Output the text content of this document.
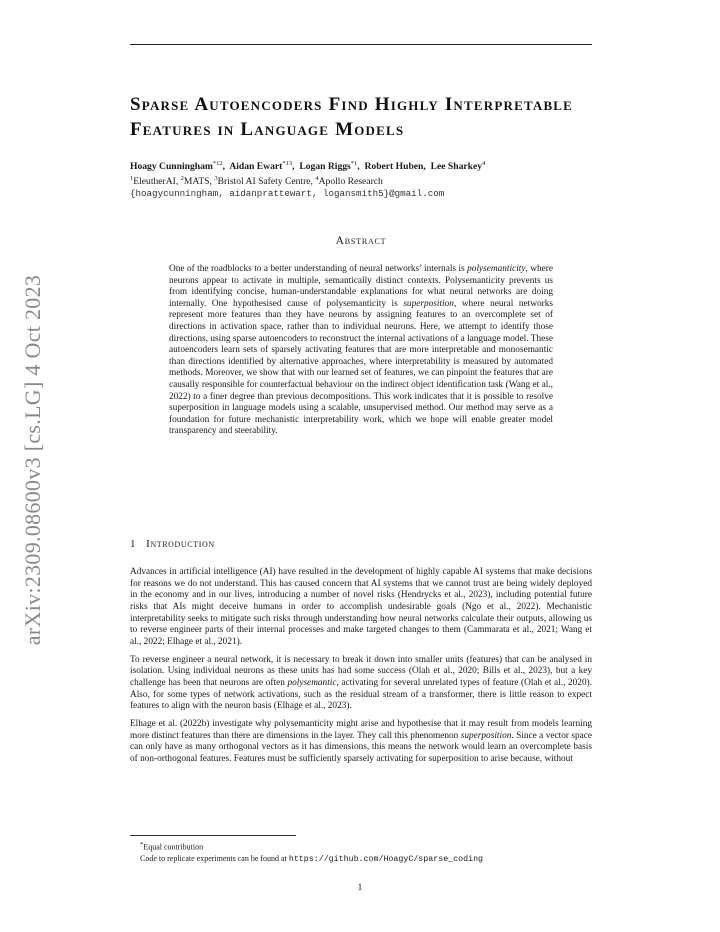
arXiv:2309.08600v3 [cs.LG] 4 Oct 2023
Sparse Autoencoders Find Highly Interpretable Features in Language Models
Hoagy Cunningham$^{*12}$,  Aidan Ewart$^{*13}$,  Logan Riggs$^{*1}$,  Robert Huben,  Lee Sharkey$^4$
$^1$EleutherAI, $^2$MATS, $^3$Bristol AI Safety Centre, $^4$Apollo Research
{hoagycunningham, aidanprattewart, logansmith5}@gmail.com
Abstract

One of the roadblocks to a better understanding of neural networks’ internals is polysemanticity, where neurons appear to activate in multiple, semantically distinct contexts. Polysemanticity prevents us from identifying concise, human-understandable explanations for what neural networks are doing internally. One hypothesised cause of polysemanticity is superposition, where neural networks represent more features than they have neurons by assigning features to an overcomplete set of directions in activation space, rather than to individual neurons. Here, we attempt to identify those directions, using sparse autoencoders to reconstruct the internal activations of a language model. These autoencoders learn sets of sparsely activating features that are more interpretable and monosemantic than directions identified by alternative approaches, where interpretability is measured by automated methods. Moreover, we show that with our learned set of features, we can pinpoint the features that are causally responsible for counterfactual behaviour on the indirect object identification task (Wang et al., 2022) to a finer degree than previous decompositions. This work indicates that it is possible to resolve superposition in language models using a scalable, unsupervised method. Our method may serve as a foundation for future mechanistic interpretability work, which we hope will enable greater model transparency and steerability.

1 Introduction

Advances in artificial intelligence (AI) have resulted in the development of highly capable AI systems that make decisions for reasons we do not understand. This has caused concern that AI systems that we cannot trust are being widely deployed in the economy and in our lives, introducing a number of novel risks (Hendrycks et al., 2023), including potential future risks that AIs might deceive humans in order to accomplish undesirable goals (Ngo et al., 2022). Mechanistic interpretability seeks to mitigate such risks through understanding how neural networks calculate their outputs, allowing us to reverse engineer parts of their internal processes and make targeted changes to them (Cammarata et al., 2021; Wang et al., 2022; Elhage et al., 2021).

To reverse engineer a neural network, it is necessary to break it down into smaller units (features) that can be analysed in isolation. Using individual neurons as these units has had some success (Olah et al., 2020; Bills et al., 2023), but a key challenge has been that neurons are often polysemantic, activating for several unrelated types of feature (Olah et al., 2020). Also, for some types of network activations, such as the residual stream of a transformer, there is little reason to expect features to align with the neuron basis (Elhage et al., 2023).

Elhage et al. (2022b) investigate why polysemanticity might arise and hypothesise that it may result from models learning more distinct features than there are dimensions in the layer. They call this phenomenon superposition. Since a vector space can only have as many orthogonal vectors as it has dimensions, this means the network would learn an overcomplete basis of non-orthogonal features. Features must be sufficiently sparsely activating for superposition to arise because, without

*Equal contribution
Code to replicate experiments can be found at https://github.com/HoagyC/sparse_coding
1
